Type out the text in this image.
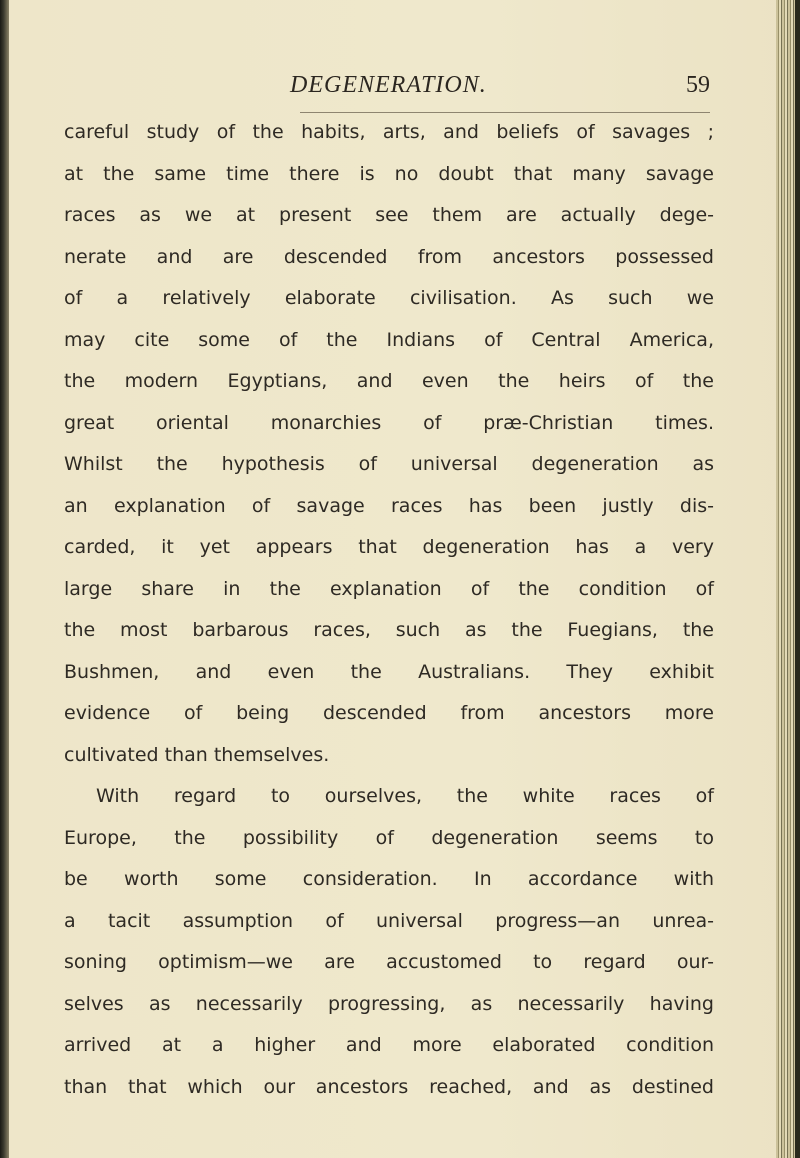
DEGENERATION.	59
careful study of the habits, arts, and beliefs of savages ;
at the same time there is no doubt that many savage
races as we at present see them are actually dege-
nerate and are descended from ancestors possessed
of a relatively elaborate civilisation. As such we
may cite some of the Indians of Central America,
the modern Egyptians, and even the heirs of the
great oriental monarchies of præ-Christian times.
Whilst the hypothesis of universal degeneration as
an explanation of savage races has been justly dis-
carded, it yet appears that degeneration has a very
large share in the explanation of the condition of
the most barbarous races, such as the Fuegians, the
Bushmen, and even the Australians. They exhibit
evidence of being descended from ancestors more
cultivated than themselves.
With regard to ourselves, the white races of
Europe, the possibility of degeneration seems to
be worth some consideration. In accordance with
a tacit assumption of universal progress—an unrea-
soning optimism—we are accustomed to regard our-
selves as necessarily progressing, as necessarily having
arrived at a higher and more elaborated condition
than that which our ancestors reached, and as destined
